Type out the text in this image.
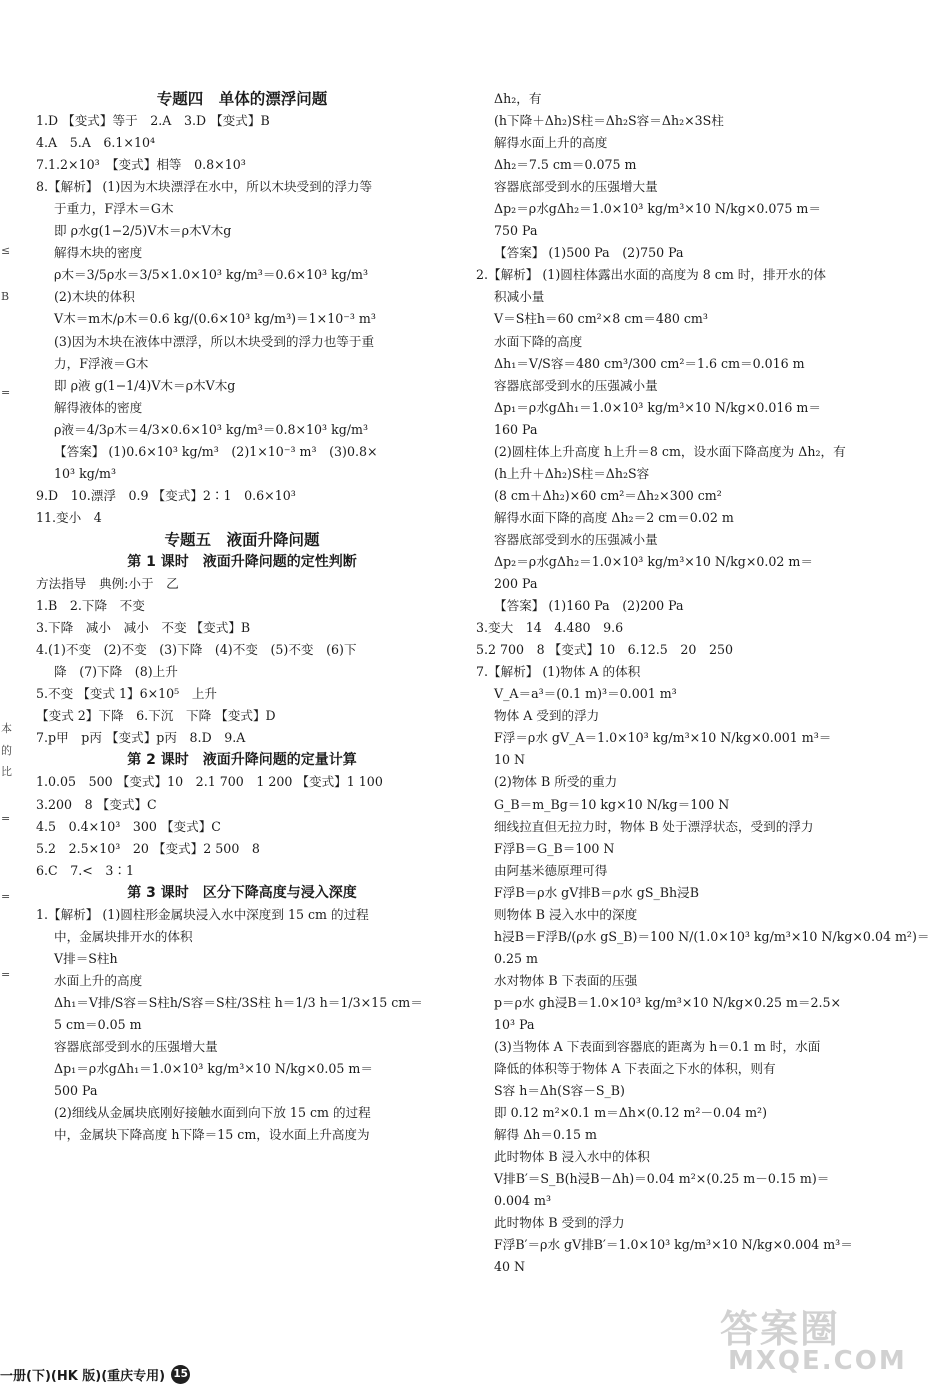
≤
B
=
本
的
比
=
=
=
专题四　单体的漂浮问题
1.D 【变式】等于　2.A　3.D 【变式】B
4.A　5.A　6.1×10⁴
7.1.2×10³　【变式】相等　0.8×10³
8.【解析】 (1)因为木块漂浮在水中，所以木块受到的浮力等
于重力，F浮木＝G木
即 ρ水g(1−2/5)V木＝ρ木V木g
解得木块的密度
ρ木＝3/5ρ水＝3/5×1.0×10³ kg/m³＝0.6×10³ kg/m³
(2)木块的体积
V木＝m木/ρ木＝0.6 kg/(0.6×10³ kg/m³)＝1×10⁻³ m³
(3)因为木块在液体中漂浮，所以木块受到的浮力也等于重
力，F浮液＝G木
即 ρ液 g(1−1/4)V木＝ρ木V木g
解得液体的密度
ρ液＝4/3ρ木＝4/3×0.6×10³ kg/m³＝0.8×10³ kg/m³
【答案】 (1)0.6×10³ kg/m³　(2)1×10⁻³ m³　(3)0.8×
10³ kg/m³
9.D　10.漂浮　0.9 【变式】2∶1　0.6×10³
11.变小　4
专题五　液面升降问题
第 1 课时　液面升降问题的定性判断
方法指导　典例:小于　乙
1.B　2.下降　不变
3.下降　减小　减小　不变 【变式】B
4.(1)不变　(2)不变　(3)下降　(4)不变　(5)不变　(6)下
降　(7)下降　(8)上升
5.不变 【变式 1】6×10⁵　上升
【变式 2】下降　6.下沉　下降 【变式】D
7.p甲　p丙 【变式】p丙　8.D　9.A
第 2 课时　液面升降问题的定量计算
1.0.05　500 【变式】10　2.1 700　1 200 【变式】1 100
3.200　8 【变式】C
4.5　0.4×10³　300 【变式】C
5.2　2.5×10³　20 【变式】2 500　8
6.C　7.<　3∶1
第 3 课时　区分下降高度与浸入深度
1.【解析】 (1)圆柱形金属块浸入水中深度到 15 cm 的过程
中，金属块排开水的体积
V排＝S柱h
水面上升的高度
Δh₁＝V排/S容＝S柱h/S容＝S柱/3S柱 h＝1/3 h＝1/3×15 cm＝
5 cm＝0.05 m
容器底部受到水的压强增大量
Δp₁＝ρ水gΔh₁＝1.0×10³ kg/m³×10 N/kg×0.05 m＝
500 Pa
(2)细线从金属块底刚好接触水面到向下放 15 cm 的过程
中，金属块下降高度 h下降＝15 cm，设水面上升高度为
Δh₂，有
(h下降＋Δh₂)S柱＝Δh₂S容＝Δh₂×3S柱
解得水面上升的高度
Δh₂＝7.5 cm＝0.075 m
容器底部受到水的压强增大量
Δp₂＝ρ水gΔh₂＝1.0×10³ kg/m³×10 N/kg×0.075 m＝
750 Pa
【答案】 (1)500 Pa　(2)750 Pa
2.【解析】 (1)圆柱体露出水面的高度为 8 cm 时，排开水的体
积减小量
V＝S柱h＝60 cm²×8 cm＝480 cm³
水面下降的高度
Δh₁＝V/S容＝480 cm³/300 cm²＝1.6 cm＝0.016 m
容器底部受到水的压强减小量
Δp₁＝ρ水gΔh₁＝1.0×10³ kg/m³×10 N/kg×0.016 m＝
160 Pa
(2)圆柱体上升高度 h上升＝8 cm，设水面下降高度为 Δh₂，有
(h上升＋Δh₂)S柱＝Δh₂S容
(8 cm＋Δh₂)×60 cm²＝Δh₂×300 cm²
解得水面下降的高度 Δh₂＝2 cm＝0.02 m
容器底部受到水的压强减小量
Δp₂＝ρ水gΔh₂＝1.0×10³ kg/m³×10 N/kg×0.02 m＝
200 Pa
【答案】 (1)160 Pa　(2)200 Pa
3.变大　14　4.480　9.6
5.2 700　8 【变式】10　6.12.5　20　250
7.【解析】 (1)物体 A 的体积
V_A＝a³＝(0.1 m)³＝0.001 m³
物体 A 受到的浮力
F浮＝ρ水 gV_A＝1.0×10³ kg/m³×10 N/kg×0.001 m³＝
10 N
(2)物体 B 所受的重力
G_B＝m_Bg＝10 kg×10 N/kg＝100 N
细线拉直但无拉力时，物体 B 处于漂浮状态，受到的浮力
F浮B＝G_B＝100 N
由阿基米德原理可得
F浮B＝ρ水 gV排B＝ρ水 gS_Bh浸B
则物体 B 浸入水中的深度
h浸B＝F浮B/(ρ水 gS_B)＝100 N/(1.0×10³ kg/m³×10 N/kg×0.04 m²)＝
0.25 m
水对物体 B 下表面的压强
p＝ρ水 gh浸B＝1.0×10³ kg/m³×10 N/kg×0.25 m＝2.5×
10³ Pa
(3)当物体 A 下表面到容器底的距离为 h＝0.1 m 时，水面
降低的体积等于物体 A 下表面之下水的体积，则有
S容 h＝Δh(S容－S_B)
即 0.12 m²×0.1 m＝Δh×(0.12 m²－0.04 m²)
解得 Δh＝0.15 m
此时物体 B 浸入水中的体积
V排B′＝S_B(h浸B－Δh)＝0.04 m²×(0.25 m－0.15 m)＝
0.004 m³
此时物体 B 受到的浮力
F浮B′＝ρ水 gV排B′＝1.0×10³ kg/m³×10 N/kg×0.004 m³＝
40 N
一册(下)(HK 版)(重庆专用) 15
答案圈
MXQE.COM
